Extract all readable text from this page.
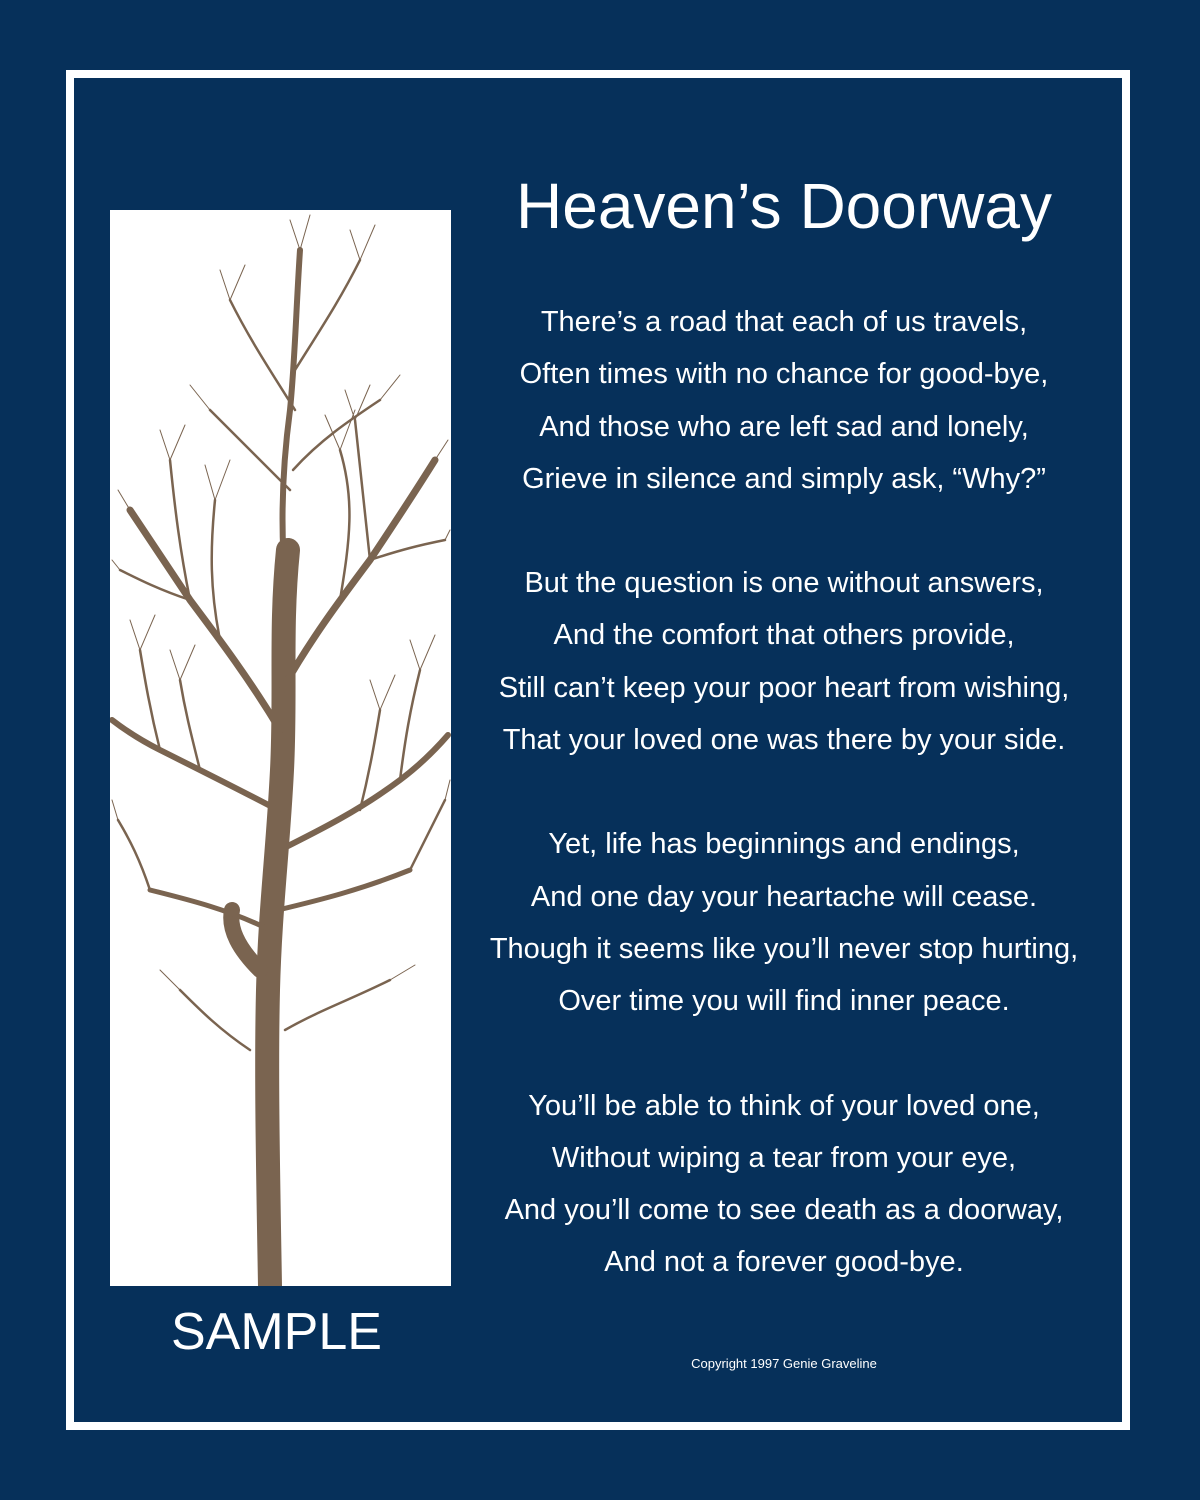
SAMPLE
Heaven’s Doorway
There’s a road that each of us travels,
Often times with no chance for good-bye,
And those who are left sad and lonely,
Grieve in silence and simply ask, “Why?”
But the question is one without answers,
And the comfort that others provide,
Still can’t keep your poor heart from wishing,
That your loved one was there by your side.
Yet, life has beginnings and endings,
And one day your heartache will cease.
Though it seems like you’ll never stop hurting,
Over time you will find inner peace.
You’ll be able to think of your loved one,
Without wiping a tear from your eye,
And you’ll come to see death as a doorway,
And not a forever good-bye.
Copyright 1997 Genie Graveline
